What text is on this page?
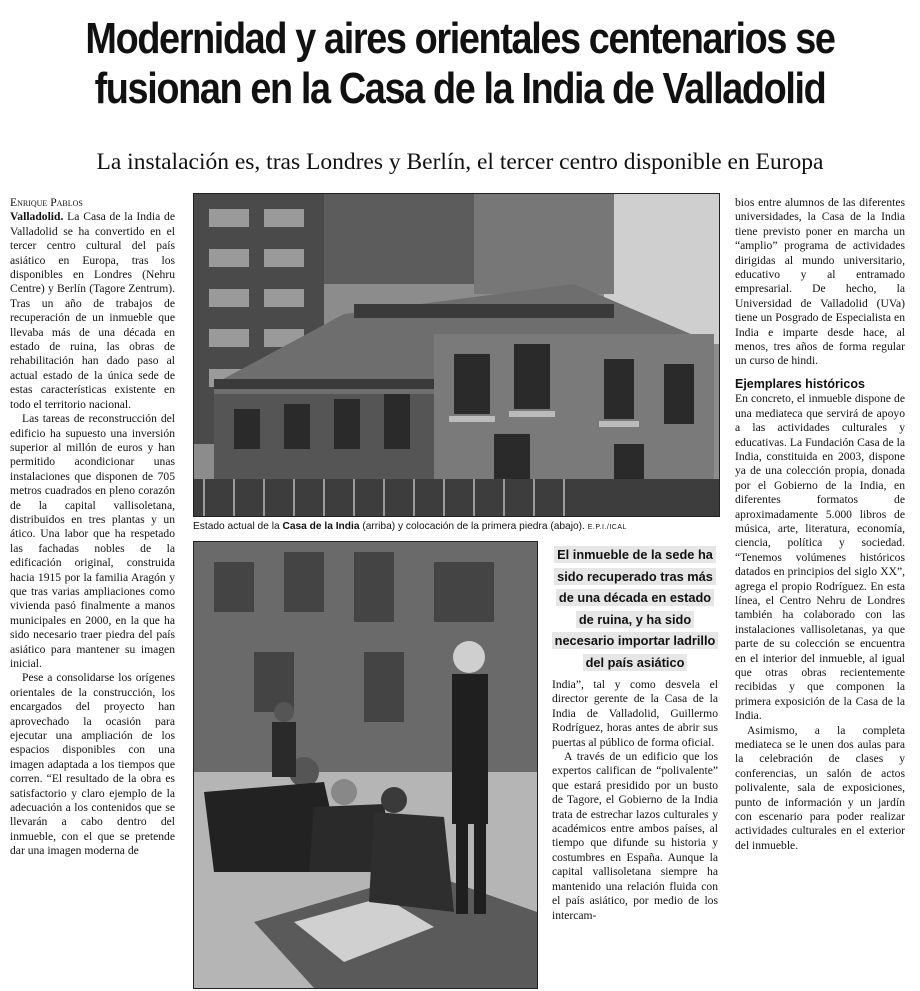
Modernidad y aires orientales centenarios se fusionan en la Casa de la India de Valladolid
La instalación es, tras Londres y Berlín, el tercer centro disponible en Europa
Enrique Pablos

Valladolid. La Casa de la India de Valladolid se ha convertido en el tercer centro cultural del país asiático en Europa, tras los disponibles en Londres (Nehru Centre) y Berlín (Tagore Zentrum). Tras un año de trabajos de recuperación de un inmueble que llevaba más de una década en estado de ruina, las obras de rehabilitación han dado paso al actual estado de la única sede de estas características existente en todo el territorio nacional.

Las tareas de reconstrucción del edificio ha supuesto una inversión superior al millón de euros y han permitido acondicionar unas instalaciones que disponen de 705 metros cuadrados en pleno corazón de la capital vallisoletana, distribuidos en tres plantas y un ático. Una labor que ha respetado las fachadas nobles de la edificación original, construida hacia 1915 por la familia Aragón y que tras varias ampliaciones como vivienda pasó finalmente a manos municipales en 2000, en la que ha sido necesario traer piedra del país asiático para mantener su imagen inicial.

Pese a consolidarse los orígenes orientales de la construcción, los encargados del proyecto han aprovechado la ocasión para ejecutar una ampliación de los espacios disponibles con una imagen adaptada a los tiempos que corren. “El resultado de la obra es satisfactorio y claro ejemplo de la adecuación a los contenidos que se llevarán a cabo dentro del inmueble, con el que se pretende dar una imagen moderna de

Estado actual de la Casa de la India (arriba) y colocación de la primera piedra (abajo). E.P.I./ICAL
El inmueble de la sede ha sido recuperado tras más de una década en estado de ruina, y ha sido necesario importar ladrillo del país asiático

India”, tal y como desvela el director gerente de la Casa de la India de Valladolid, Guillermo Rodríguez, horas antes de abrir sus puertas al público de forma oficial.

A través de un edificio que los expertos califican de “polivalente” que estará presidido por un busto de Tagore, el Gobierno de la India trata de estrechar lazos culturales y académicos entre ambos países, al tiempo que difunde su historia y costumbres en España. Aunque la capital vallisoletana siempre ha mantenido una relación fluida con el país asiático, por medio de los intercam-

bios entre alumnos de las diferentes universidades, la Casa de la India tiene previsto poner en marcha un “amplio” programa de actividades dirigidas al mundo universitario, educativo y al entramado empresarial. De hecho, la Universidad de Valladolid (UVa) tiene un Posgrado de Especialista en India e imparte desde hace, al menos, tres años de forma regular un curso de hindi.

Ejemplares históricos

En concreto, el inmueble dispone de una mediateca que servirá de apoyo a las actividades culturales y educativas. La Fundación Casa de la India, constituida en 2003, dispone ya de una colección propia, donada por el Gobierno de la India, en diferentes formatos de aproximadamente 5.000 libros de música, arte, literatura, economía, ciencia, política y sociedad. “Tenemos volúmenes históricos datados en principios del siglo XX”, agrega el propio Rodríguez. En esta línea, el Centro Nehru de Londres también ha colaborado con las instalaciones vallisoletanas, ya que parte de su colección se encuentra en el interior del inmueble, al igual que otras obras recientemente recibidas y que componen la primera exposición de la Casa de la India.

Asimismo, a la completa mediateca se le unen dos aulas para la celebración de clases y conferencias, un salón de actos polivalente, sala de exposiciones, punto de información y un jardín con escenario para poder realizar actividades culturales en el exterior del inmueble.
